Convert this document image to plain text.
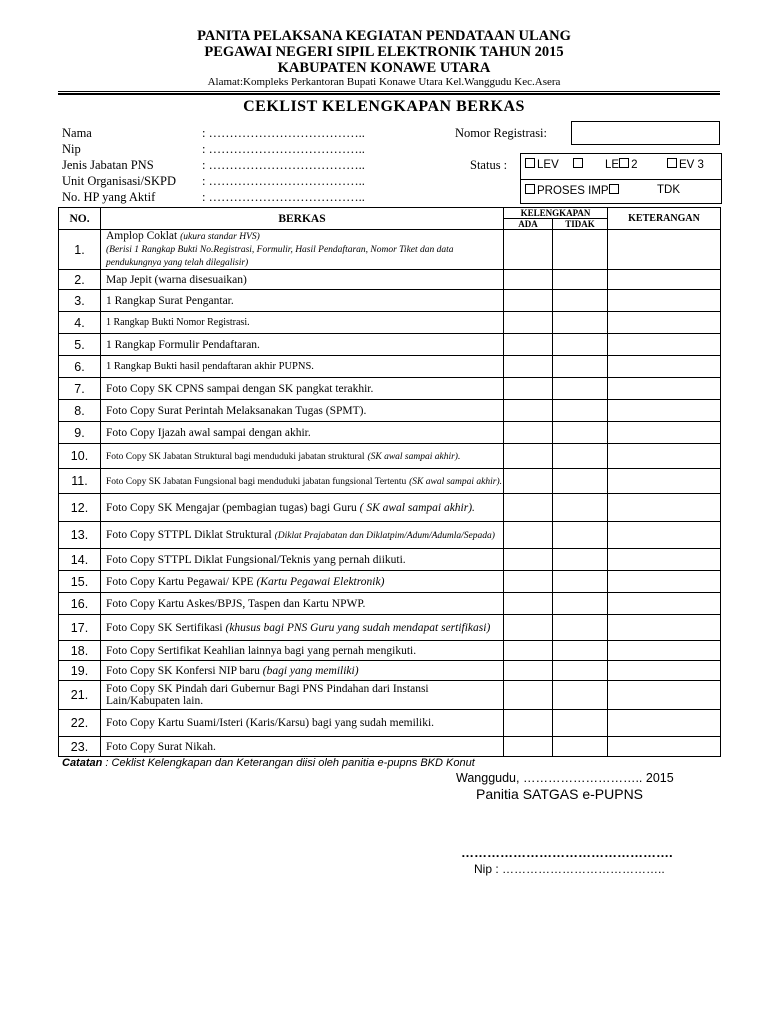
PANITA PELAKSANA KEGIATAN PENDATAAN ULANG
PEGAWAI NEGERI SIPIL ELEKTRONIK TAHUN 2015
KABUPATEN KONAWE UTARA
Alamat:Kompleks Perkantoran Bupati Konawe Utara Kel.Wanggudu Kec.Asera
CEKLIST KELENGKAPAN BERKAS
Nama	: ………………………………..
Nip	: ………………………………..
Jenis Jabatan PNS	: ………………………………..
Unit Organisasi/SKPD : ………………………………..
No. HP yang Aktif	: ………………………………..
Nomor Registrasi:
Status :	LEV	LE 2	EV 3
PROSES IMP	TDK
NO.	BERKAS	KELENGKAPAN		KETERANGAN
		ADA	TIDAK	
1.	Amplop Coklat (ukura standar HVS)
(Berisi 1 Rangkap Bukti No.Registrasi, Formulir, Hasil Pendaftaran, Nomor Tiket dan data pendukungnya yang telah dilegalisir)			
2.	Map Jepit (warna disesuaikan)			
3.	1 Rangkap Surat Pengantar.			
4.	1 Rangkap Bukti Nomor Registrasi.			
5.	1 Rangkap Formulir Pendaftaran.			
6.	1 Rangkap Bukti hasil pendaftaran akhir PUPNS.			
7.	Foto Copy SK CPNS sampai dengan SK pangkat terakhir.			
8.	Foto Copy Surat Perintah Melaksanakan Tugas (SPMT).			
9.	Foto Copy Ijazah awal sampai dengan akhir.			
10.	Foto Copy SK Jabatan Struktural bagi menduduki jabatan struktural (SK awal sampai akhir).			
11.	Foto Copy SK Jabatan Fungsional bagi menduduki jabatan fungsional Tertentu (SK awal sampai akhir).			
12.	Foto Copy SK Mengajar (pembagian tugas) bagi Guru ( SK awal sampai akhir).			
13.	Foto Copy STTPL Diklat Struktural (Diklat Prajabatan dan Diklatpim/Adum/Adumla/Sepada)			
14.	Foto Copy STTPL Diklat Fungsional/Teknis yang pernah diikuti.			
15.	Foto Copy Kartu Pegawai/ KPE (Kartu Pegawai Elektronik)			
16.	Foto Copy Kartu Askes/BPJS, Taspen dan Kartu NPWP.			
17.	Foto Copy SK Sertifikasi (khusus bagi PNS Guru yang sudah mendapat sertifikasi)			
18.	Foto Copy Sertifikat Keahlian lainnya bagi yang pernah mengikuti.			
19.	Foto Copy SK Konfersi NIP baru (bagi yang memiliki)			
21.	Foto Copy SK Pindah dari Gubernur Bagi PNS Pindahan dari Instansi Lain/Kabupaten lain.			
22.	Foto Copy Kartu Suami/Isteri (Karis/Karsu) bagi yang sudah memiliki.			
23.	Foto Copy Surat Nikah.			
Catatan : Ceklist Kelengkapan dan Keterangan diisi oleh panitia e-pupns BKD Konut
Wanggudu, ……………………….. 2015
Panitia SATGAS e-PUPNS
………………………………………….
Nip : …………………………………..
